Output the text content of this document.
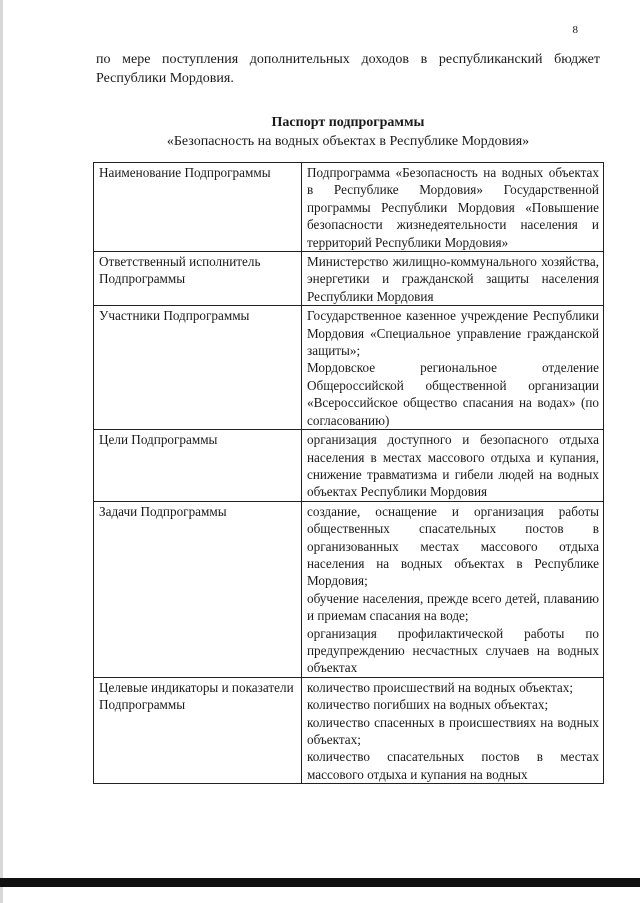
8
по мере поступления дополнительных доходов в республиканский бюджет Республики Мордовия.
Паспорт подпрограммы
«Безопасность на водных объектах в Республике Мордовия»
Наименование Подпрограммы	Подпрограмма «Безопасность на водных объектах в Республике Мордовия» Государственной программы Республики Мордовия «Повышение безопасности жизнедеятельности населения и территорий Республики Мордовия»

Ответственный исполнитель Подпрограммы	Министерство жилищно-коммунального хозяйства, энергетики и гражданской защиты населения Республики Мордовия

Участники Подпрограммы	Государственное казенное учреждение Республики Мордовия «Специальное управление гражданской защиты»;
Мордовское региональное отделение Общероссийской общественной организации «Всероссийское общество спасания на водах» (по согласованию)

Цели Подпрограммы	организация доступного и безопасного отдыха населения в местах массового отдыха и купания, снижение травматизма и гибели людей на водных объектах Республики Мордовия

Задачи Подпрограммы	создание, оснащение и организация работы общественных спасательных постов в организованных местах массового отдыха населения на водных объектах в Республике Мордовия;
обучение населения, прежде всего детей, плаванию и приемам спасания на воде;
организация профилактической работы по предупреждению несчастных случаев на водных объектах

Целевые индикаторы и показатели Подпрограммы	количество происшествий на водных объектах;
количество погибших на водных объектах;
количество спасенных в происшествиях на водных объектах;
количество спасательных постов в местах массового отдыха и купания на водных
